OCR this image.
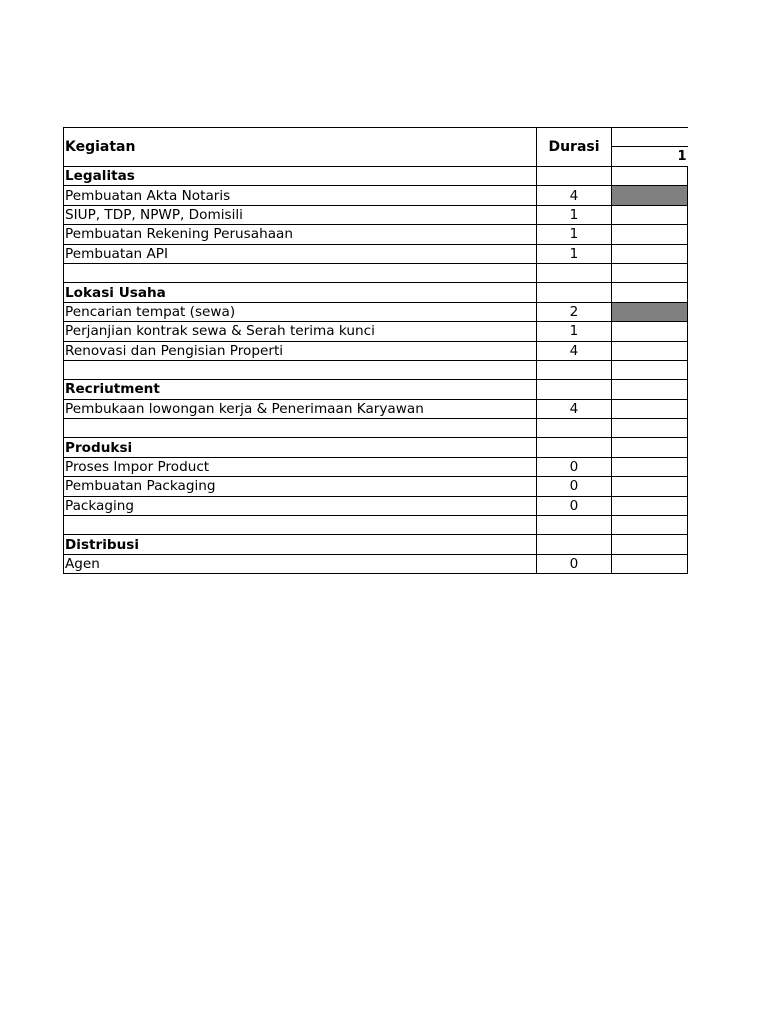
Kegiatan	Durasi	1

Legalitas		
Pembuatan Akta Notaris	4	
SIUP, TDP, NPWP, Domisili	1	
Pembuatan Rekening Perusahaan	1	
Pembuatan API	1	

Lokasi Usaha		
Pencarian tempat (sewa)	2	
Perjanjian kontrak sewa & Serah terima kunci	1	
Renovasi dan Pengisian Properti	4	

Recriutment		
Pembukaan lowongan kerja & Penerimaan Karyawan	4	

Produksi		
Proses Impor Product	0	
Pembuatan Packaging	0	
Packaging	0	

Distribusi		
Agen	0	
